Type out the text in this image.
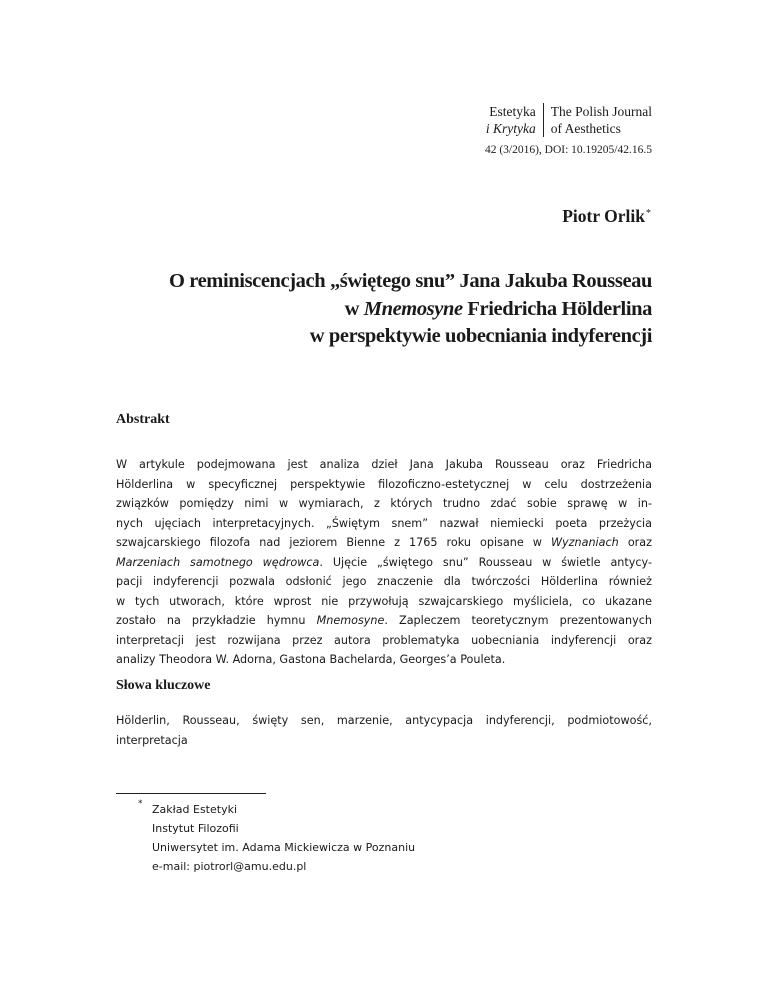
Estetyka
i Krytyka
The Polish Journal
of Aesthetics
42 (3/2016), DOI: 10.19205/42.16.5
Piotr Orlik*
O reminiscencjach „świętego snu” Jana Jakuba Rousseau
w Mnemosyne Friedricha Hölderlina
w perspektywie uobecniania indyferencji
Abstrakt
W artykule podejmowana jest analiza dzieł Jana Jakuba Rousseau oraz Friedricha
Hölderlina w specyficznej perspektywie filozoficzno-estetycznej w celu dostrzeżenia
związków pomiędzy nimi w wymiarach, z których trudno zdać sobie sprawę w in-
nych ujęciach interpretacyjnych. „Świętym snem” nazwał niemiecki poeta przeżycia
szwajcarskiego filozofa nad jeziorem Bienne z 1765 roku opisane w Wyznaniach oraz
Marzeniach samotnego wędrowca. Ujęcie „świętego snu” Rousseau w świetle antycy-
pacji indyferencji pozwala odsłonić jego znaczenie dla twórczości Hölderlina również
w tych utworach, które wprost nie przywołują szwajcarskiego myśliciela, co ukazane
zostało na przykładzie hymnu Mnemosyne. Zapleczem teoretycznym prezentowanych
interpretacji jest rozwijana przez autora problematyka uobecniania indyferencji oraz
analizy Theodora W. Adorna, Gastona Bachelarda, Georges’a Pouleta.
Słowa kluczowe
Hölderlin, Rousseau, święty sen, marzenie, antycypacja indyferencji, podmiotowość,
interpretacja
* Zakład Estetyki
Instytut Filozofii
Uniwersytet im. Adama Mickiewicza w Poznaniu
e-mail: piotrorl@amu.edu.pl
